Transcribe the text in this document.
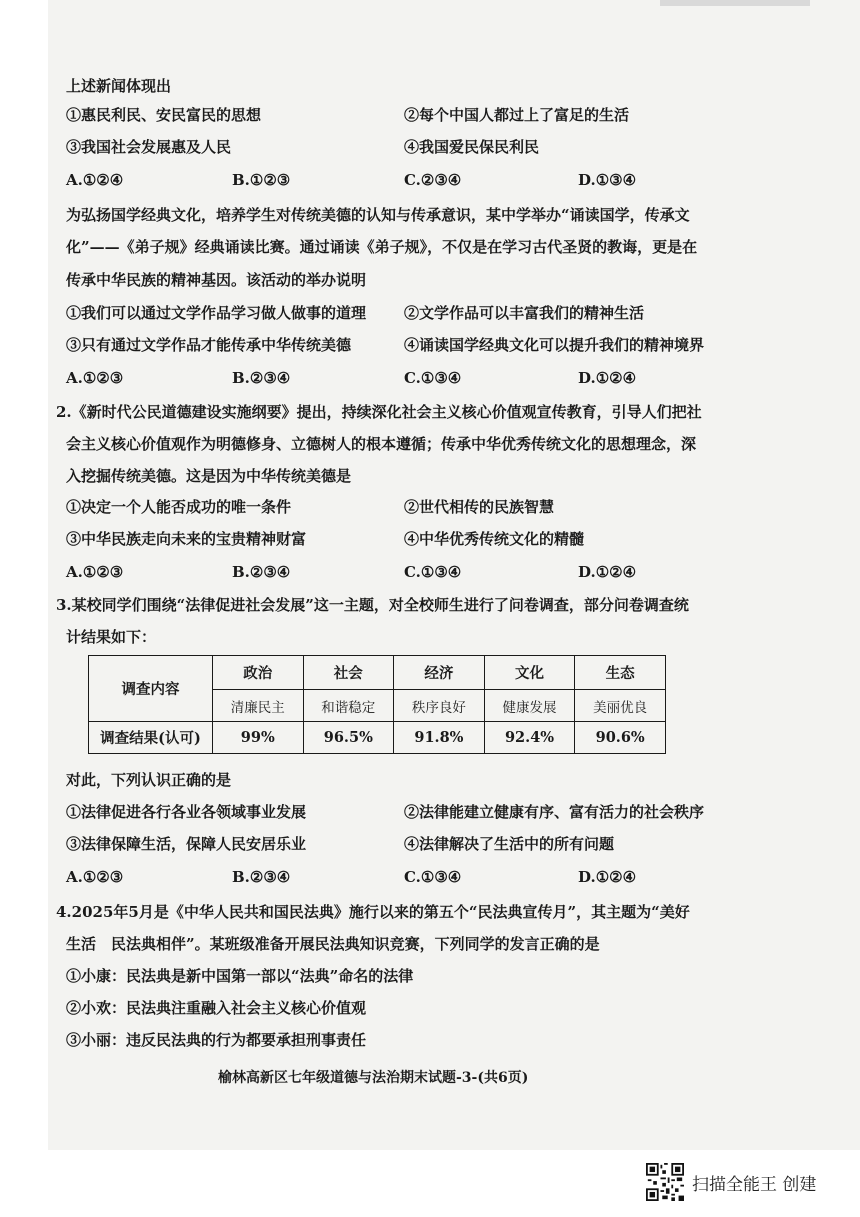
上述新闻体现出
①惠民利民、安民富民的思想	②每个中国人都过上了富足的生活
③我国社会发展惠及人民	④我国爱民保民利民
A.①②④	B.①②③	C.②③④	D.①③④
为弘扬国学经典文化，培养学生对传统美德的认知与传承意识，某中学举办“诵读国学，传承文
化”——《弟子规》经典诵读比赛。通过诵读《弟子规》，不仅是在学习古代圣贤的教诲，更是在
传承中华民族的精神基因。该活动的举办说明
①我们可以通过文学作品学习做人做事的道理	②文学作品可以丰富我们的精神生活
③只有通过文学作品才能传承中华传统美德	④诵读国学经典文化可以提升我们的精神境界
A.①②③	B.②③④	C.①③④	D.①②④
2.《新时代公民道德建设实施纲要》提出，持续深化社会主义核心价值观宣传教育，引导人们把社
会主义核心价值观作为明德修身、立德树人的根本遵循；传承中华优秀传统文化的思想理念，深
入挖掘传统美德。这是因为中华传统美德是
①决定一个人能否成功的唯一条件	②世代相传的民族智慧
③中华民族走向未来的宝贵精神财富	④中华优秀传统文化的精髓
A.①②③	B.②③④	C.①③④	D.①②④
3.某校同学们围绕“法律促进社会发展”这一主题，对全校师生进行了问卷调查，部分问卷调查统
计结果如下：
对此，下列认识正确的是
①法律促进各行各业各领域事业发展	②法律能建立健康有序、富有活力的社会秩序
③法律保障生活，保障人民安居乐业	④法律解决了生活中的所有问题
A.①②③	B.②③④	C.①③④	D.①②④
4.2025年5月是《中华人民共和国民法典》施行以来的第五个“民法典宣传月”，其主题为“美好
生活　民法典相伴”。某班级准备开展民法典知识竞赛，下列同学的发言正确的是
①小康：民法典是新中国第一部以“法典”命名的法律
②小欢：民法典注重融入社会主义核心价值观
③小丽：违反民法典的行为都要承担刑事责任
调查内容	政治	社会	经济	文化	生态
	清廉民主	和谐稳定	秩序良好	健康发展	美丽优良
调查结果(认可)	99%	96.5%	91.8%	92.4%	90.6%
榆林高新区七年级道德与法治期末试题-3-(共6页)
扫描全能王 创建
